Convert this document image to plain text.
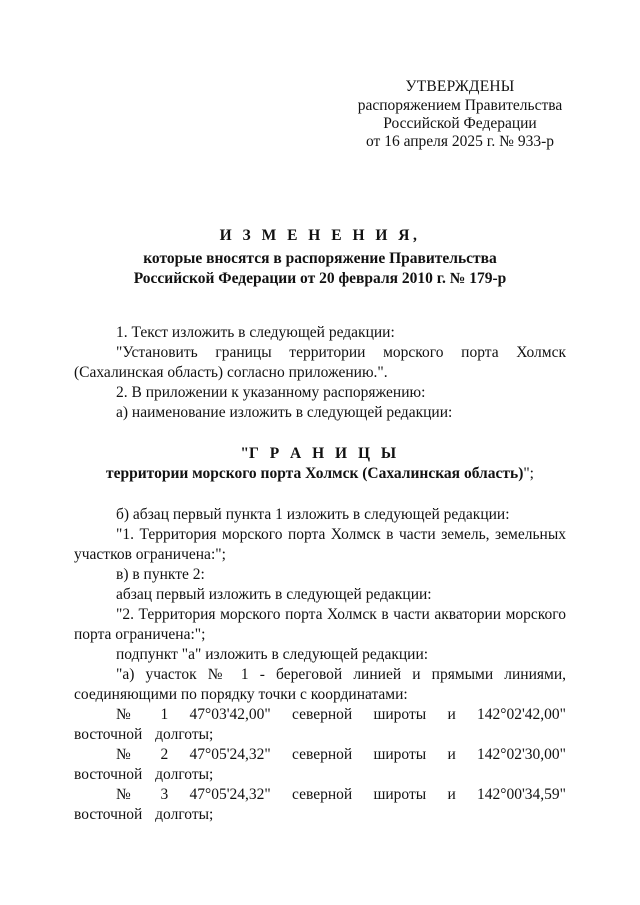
УТВЕРЖДЕНЫ
распоряжением Правительства
Российской Федерации
от 16 апреля 2025 г. № 933-р
И З М Е Н Е Н И Я,
которые вносятся в распоряжение Правительства
Российской Федерации от 20 февраля 2010 г. № 179-р

1. Текст изложить в следующей редакции:

"Установить границы территории морского порта Холмск (Сахалинская область) согласно приложению.".

2. В приложении к указанному распоряжению:

а) наименование изложить в следующей редакции:

"Г Р А Н И Ц Ы
территории морского порта Холмск (Сахалинская область)";

б) абзац первый пункта 1 изложить в следующей редакции:

"1. Территория морского порта Холмск в части земель, земельных участков ограничена:";

в) в пункте 2:

абзац первый изложить в следующей редакции:

"2. Территория морского порта Холмск в части акватории морского порта ограничена:";

подпункт "а" изложить в следующей редакции:

"а) участок № 1 - береговой линией и прямыми линиями, соединяющими по порядку точки с координатами:

№ 1 47°03'42,00" северной широты и 142°02'42,00" восточной долготы;

№ 2 47°05'24,32" северной широты и 142°02'30,00" восточной долготы;

№ 3 47°05'24,32" северной широты и 142°00'34,59" восточной долготы;
